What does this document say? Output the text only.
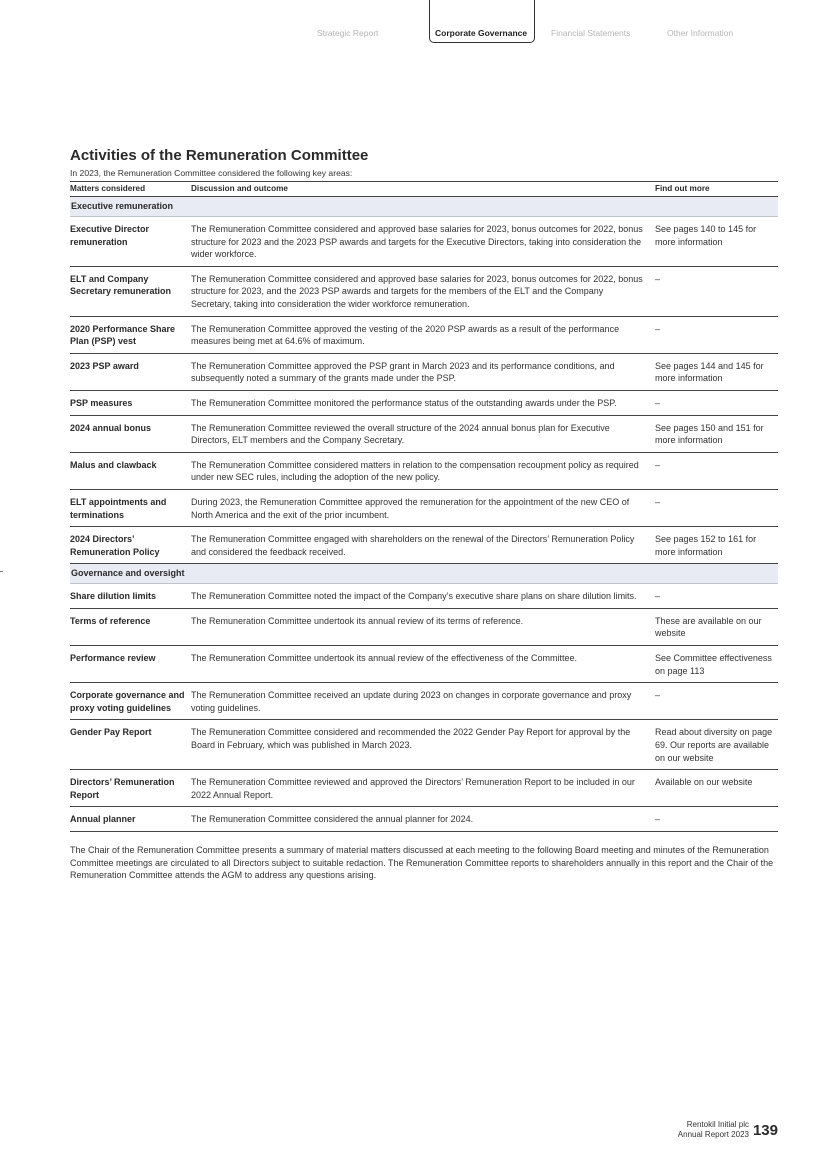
Strategic Report	Corporate Governance	Financial Statements	Other Information
Activities of the Remuneration Committee
In 2023, the Remuneration Committee considered the following key areas:
Matters considered	Discussion and outcome	Find out more
Executive remuneration		
Executive Director remuneration	The Remuneration Committee considered and approved base salaries for 2023, bonus outcomes for 2022, bonus structure for 2023 and the 2023 PSP awards and targets for the Executive Directors, taking into consideration the wider workforce.	See pages 140 to 145 for more information
ELT and Company Secretary remuneration	The Remuneration Committee considered and approved base salaries for 2023, bonus outcomes for 2022, bonus structure for 2023, and the 2023 PSP awards and targets for the members of the ELT and the Company Secretary, taking into consideration the wider workforce remuneration.	–
2020 Performance Share Plan (PSP) vest	The Remuneration Committee approved the vesting of the 2020 PSP awards as a result of the performance measures being met at 64.6% of maximum.	–
2023 PSP award	The Remuneration Committee approved the PSP grant in March 2023 and its performance conditions, and subsequently noted a summary of the grants made under the PSP.	See pages 144 and 145 for more information
PSP measures	The Remuneration Committee monitored the performance status of the outstanding awards under the PSP.	–
2024 annual bonus	The Remuneration Committee reviewed the overall structure of the 2024 annual bonus plan for Executive Directors, ELT members and the Company Secretary.	See pages 150 and 151 for more information
Malus and clawback	The Remuneration Committee considered matters in relation to the compensation recoupment policy as required under new SEC rules, including the adoption of the new policy.	–
ELT appointments and terminations	During 2023, the Remuneration Committee approved the remuneration for the appointment of the new CEO of North America and the exit of the prior incumbent.	–
2024 Directors’ Remuneration Policy	The Remuneration Committee engaged with shareholders on the renewal of the Directors’ Remuneration Policy and considered the feedback received.	See pages 152 to 161 for more information
Governance and oversight		
Share dilution limits	The Remuneration Committee noted the impact of the Company’s executive share plans on share dilution limits.	–
Terms of reference	The Remuneration Committee undertook its annual review of its terms of reference.	These are available on our website
Performance review	The Remuneration Committee undertook its annual review of the effectiveness of the Committee.	See Committee effectiveness on page 113
Corporate governance and proxy voting guidelines	The Remuneration Committee received an update during 2023 on changes in corporate governance and proxy voting guidelines.	–
Gender Pay Report	The Remuneration Committee considered and recommended the 2022 Gender Pay Report for approval by the Board in February, which was published in March 2023.	Read about diversity on page 69. Our reports are available on our website
Directors’ Remuneration Report	The Remuneration Committee reviewed and approved the Directors’ Remuneration Report to be included in our 2022 Annual Report.	Available on our website
Annual planner	The Remuneration Committee considered the annual planner for 2024.	–

The Chair of the Remuneration Committee presents a summary of material matters discussed at each meeting to the following Board meeting and minutes of the Remuneration Committee meetings are circulated to all Directors subject to suitable redaction. The Remuneration Committee reports to shareholders annually in this report and the Chair of the Remuneration Committee attends the AGM to address any questions arising.

Rentokil Initial plc
Annual Report 2023 139
